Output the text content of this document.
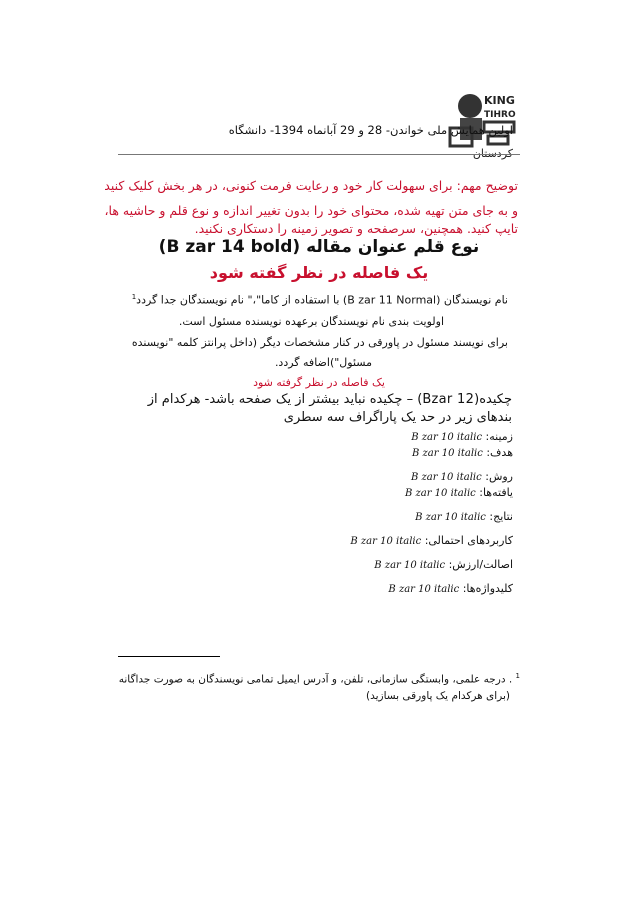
KING
TIHRO
اولین همایش ملی خواندن- 28 و 29 آبانماه 1394- دانشگاه
کردستان
توضیح مهم: برای سهولت کار خود و رعایت فرمت کنونی، در هر بخش کلیک کنید
و به جای متن تهیه شده، محتوای خود را بدون تغییر اندازه و نوع قلم و حاشیه ها،
تایپ کنید. همچنین، سرصفحه و تصویر زمینه را دستکاری نکنید.
نوع قلم عنوان مقاله (B zar 14 bold)
یک فاصله در نظر گفته شود
نام نویسندگان (B zar 11 Normal) با استفاده از کاما"،" نام نویسندگان جدا گردد$^1$
اولویت بندی نام نویسندگان برعهده نویسنده مسئول است.
برای نویسند مسئول در پاورقی در کنار مشخصات دیگر (داخل پرانتز کلمه "نویسنده
مسئول")اضافه گردد.
یک فاصله در نظر گرفته شود
چکیده(Bzar 12) – چکیده نباید بیشتر از یک صفحه باشد- هرکدام از
بندهای زیر در حد یک پاراگراف سه سطری
زمینه: B zar 10 italic
هدف: B zar 10 italic
روش: B zar 10 italic
یافته‌ها: B zar 10 italic
نتایج: B zar 10 italic
کاربردهای احتمالی: B zar 10 italic
اصالت/ارزش: B zar 10 italic
کلیدواژه‌ها: B zar 10 italic
$^1$ . درجه علمی، وابستگی سازمانی، تلفن، و آدرس ایمیل تمامی نویسندگان به صورت جداگانه
(برای هرکدام یک پاورقی بسازید)
